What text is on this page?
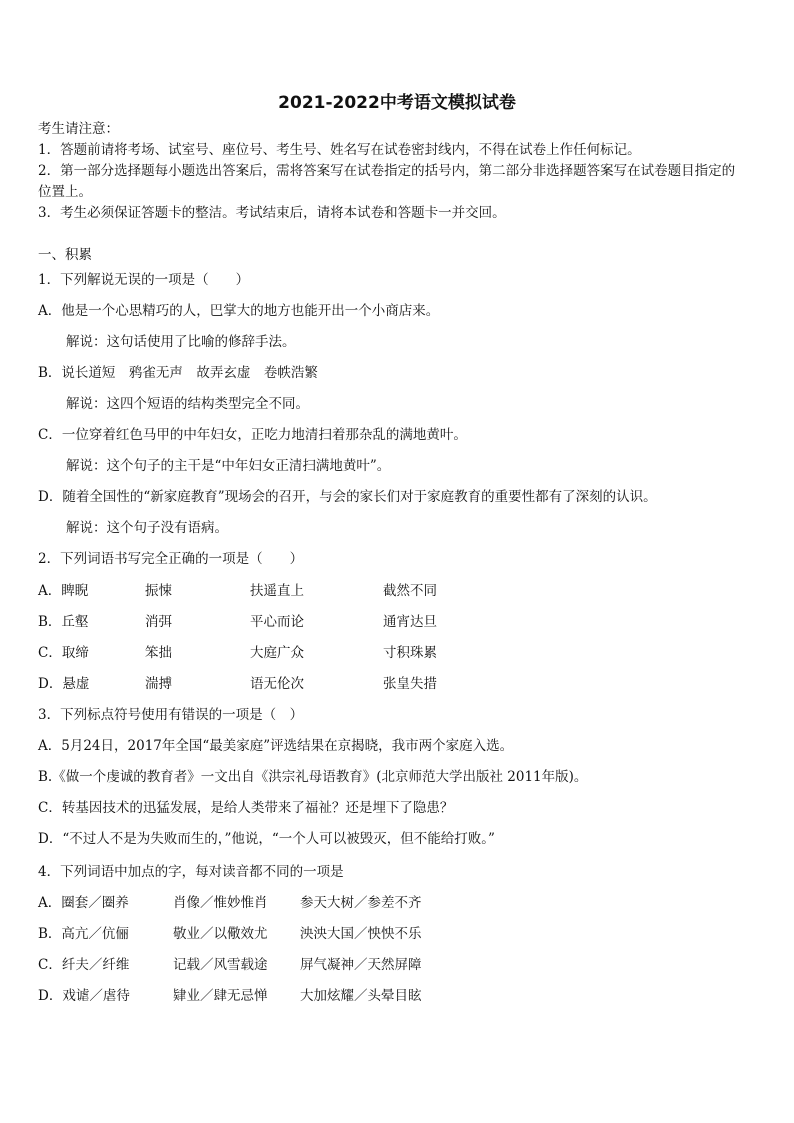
2021-2022中考语文模拟试卷
考生请注意：
1．答题前请将考场、试室号、座位号、考生号、姓名写在试卷密封线内，不得在试卷上作任何标记。
2．第一部分选择题每小题选出答案后，需将答案写在试卷指定的括号内，第二部分非选择题答案写在试卷题目指定的
位置上。
3．考生必须保证答题卡的整洁。考试结束后，请将本试卷和答题卡一并交回。
一、积累
1．下列解说无误的一项是（　　）
A．他是一个心思精巧的人，巴掌大的地方也能开出一个小商店来。
解说：这句话使用了比喻的修辞手法。
B．说长道短　鸦雀无声　故弄玄虚　卷帙浩繁
解说：这四个短语的结构类型完全不同。
C．一位穿着红色马甲的中年妇女，正吃力地清扫着那杂乱的满地黄叶。
解说：这个句子的主干是“中年妇女正清扫满地黄叶”。
D．随着全国性的“新家庭教育”现场会的召开，与会的家长们对于家庭教育的重要性都有了深刻的认识。
解说：这个句子没有语病。
2．下列词语书写完全正确的一项是（　　）
A．睥睨	振悚	扶遥直上	截然不同
B．丘壑	消弭	平心而论	通宵达旦
C．取缔	笨拙	大庭广众	寸积珠累
D．悬虚	湍搏	语无伦次	张皇失措
3．下列标点符号使用有错误的一项是（　）
A．5月24日，2017年全国“最美家庭”评选结果在京揭晓，我市两个家庭入选。
B.《做一个虔诚的教育者》一文出自《洪宗礼母语教育》(北京师范大学出版社 2011年版)。
C．转基因技术的迅猛发展，是给人类带来了福祉？还是埋下了隐患？
D．“不过人不是为失败而生的，”他说，“一个人可以被毁灭，但不能给打败。”
4．下列词语中加点的字，每对读音都不同的一项是
A．圈套／圈养	肖像／惟妙惟肖 参天大树／参差不齐
B．高亢／伉俪	敬业／以儆效尤 泱泱大国／怏怏不乐
C．纤夫／纤维	记载／风雪载途 屏气凝神／天然屏障
D．戏谑／虐待	肄业／肆无忌惮 大加炫耀／头晕目眩
